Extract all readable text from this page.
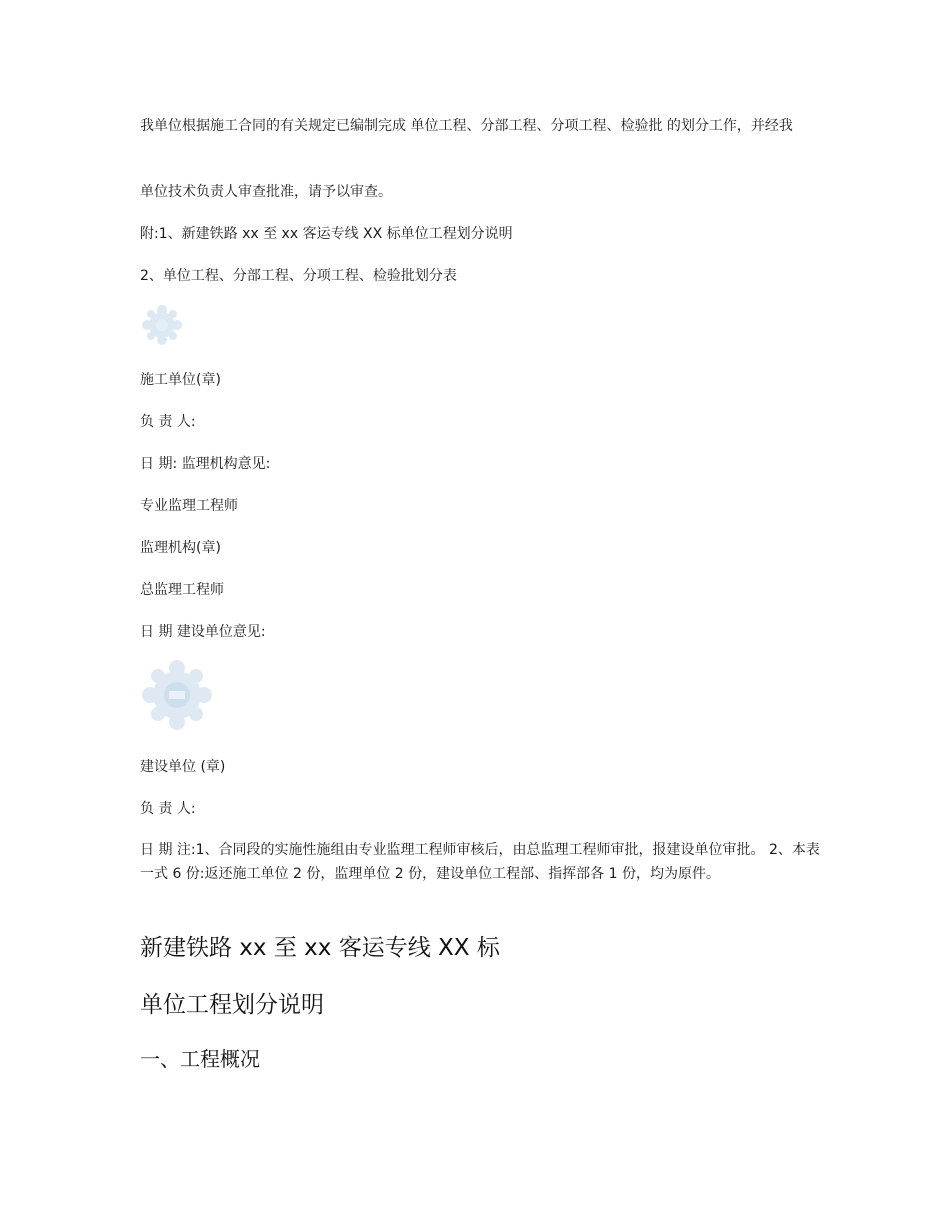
我单位根据施工合同的有关规定已编制完成 单位工程、分部工程、分项工程、检验批 的划分工作，并经我
单位技术负责人审查批准，请予以审查。
附:1、新建铁路 xx 至 xx 客运专线 XX 标单位工程划分说明
2、单位工程、分部工程、分项工程、检验批划分表
施工单位(章)
负 责 人:
日 期: 监理机构意见:
专业监理工程师
监理机构(章)
总监理工程师
日 期 建设单位意见:
建设单位 (章)
负 责 人:
日 期 注:1、合同段的实施性施组由专业监理工程师审核后，由总监理工程师审批，报建设单位审批。 2、本表一式 6 份:返还施工单位 2 份，监理单位 2 份，建设单位工程部、指挥部各 1 份，均为原件。
新建铁路 xx 至 xx 客运专线 XX 标
单位工程划分说明
一、工程概况
